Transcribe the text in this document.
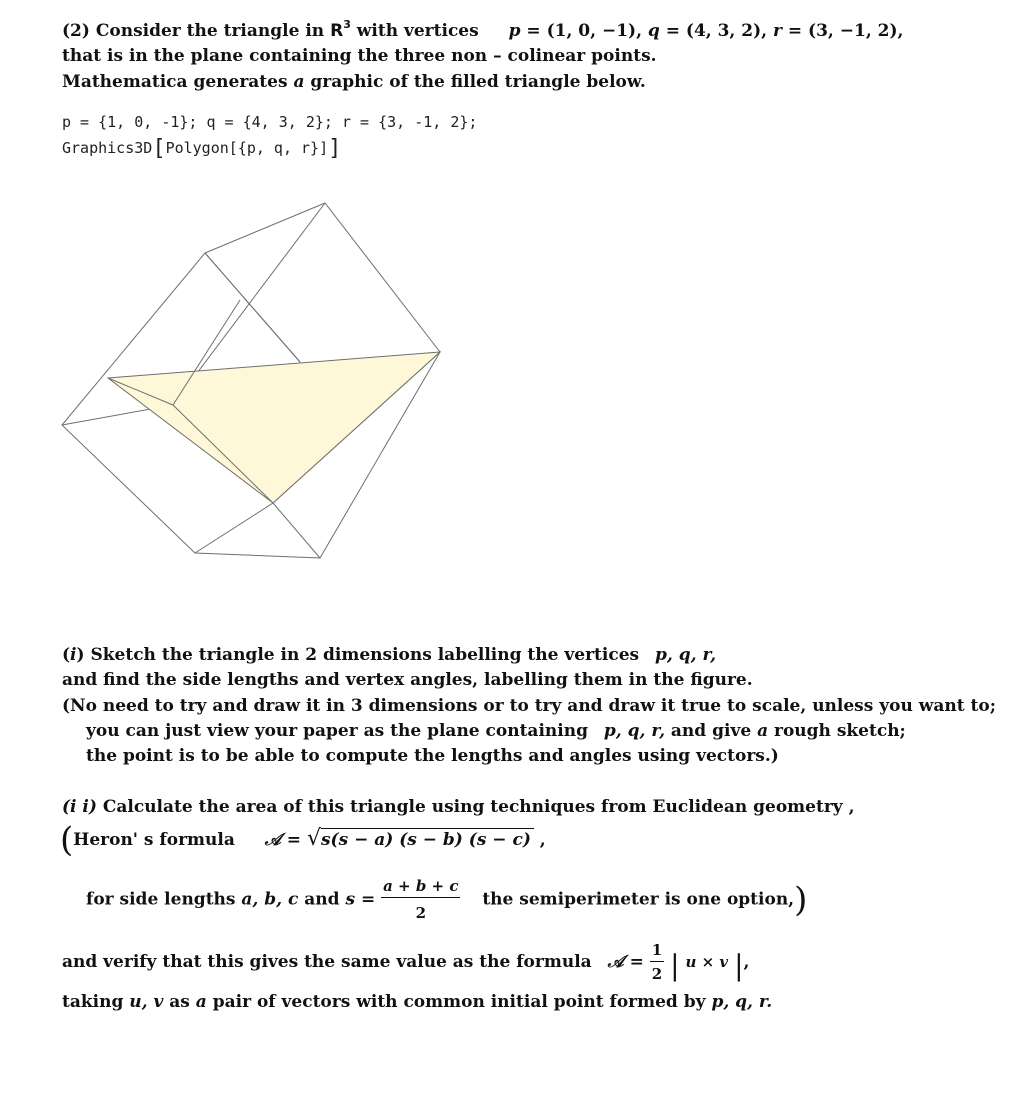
(2) Consider the triangle in $R^3$ with vertices p = (1, 0, −1), q = (4, 3, 2), r = (3, −1, 2),
that is in the plane containing the three non – colinear points.
Mathematica generates a graphic of the filled triangle below.
p = {1, 0, -1}; q = {4, 3, 2}; r = {3, -1, 2};
Graphics3D[Polygon[{p, q, r}]]
(i) Sketch the triangle in 2 dimensions labelling the vertices p, q, r,
and find the side lengths and vertex angles, labelling them in the figure.
(No need to try and draw it in 3 dimensions or to try and draw it true to scale, unless you want to;
you can just view your paper as the plane containing p, q, r, and give a rough sketch;
the point is to be able to compute the lengths and angles using vectors.)
(i i) Calculate the area of this triangle using techniques from Euclidean geometry ,
(Heron' s formula 𝒜 = √s(s − a) (s − b) (s − c) ,
for side lengths a, b, c and $s = \frac{a + b + c}{2}$ the semiperimeter is one option,)
and verify that this gives the same value as the formula 𝒜 = $\frac{1}{2}$ | u × v |,
taking u, v as a pair of vectors with common initial point formed by p, q, r.
